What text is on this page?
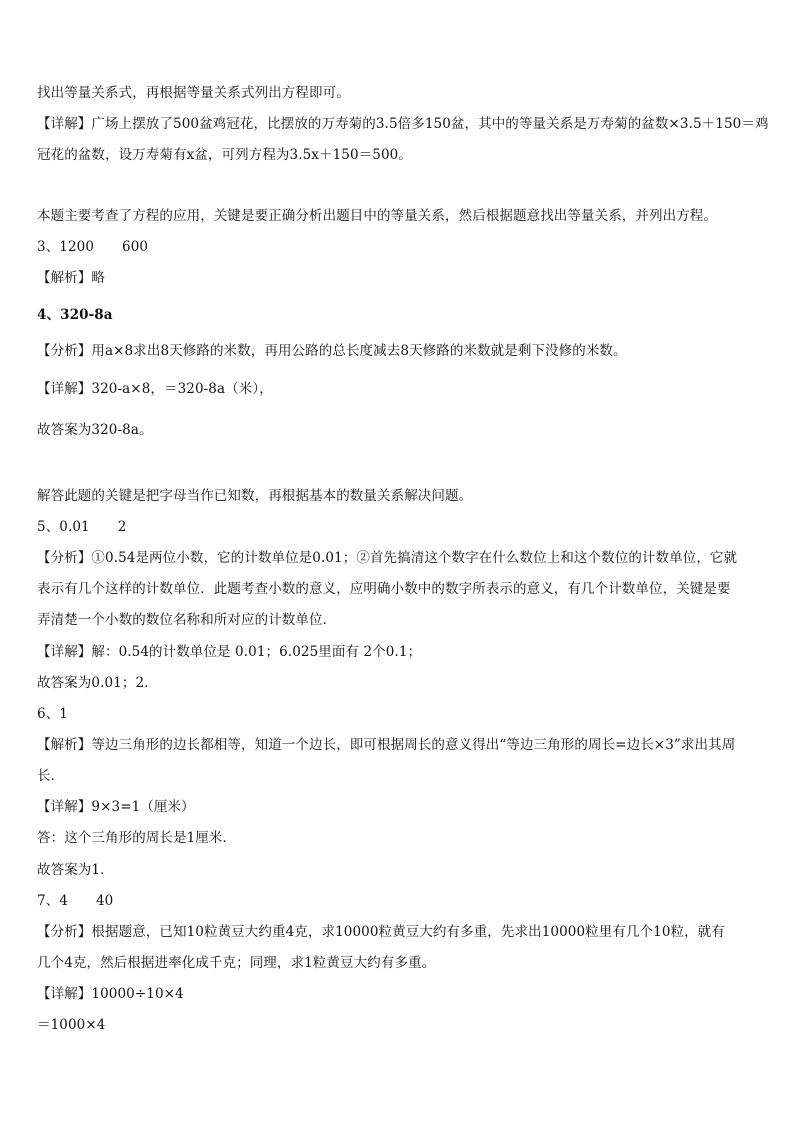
找出等量关系式，再根据等量关系式列出方程即可。
【详解】广场上摆放了500盆鸡冠花，比摆放的万寿菊的3.5倍多150盆，其中的等量关系是万寿菊的盆数×3.5＋150＝鸡
冠花的盆数，设万寿菊有x盆，可列方程为3.5x＋150＝500。
本题主要考查了方程的应用，关键是要正确分析出题目中的等量关系，然后根据题意找出等量关系，并列出方程。
3、1200 600
【解析】略
4、320-8a
【分析】用a×8求出8天修路的米数，再用公路的总长度减去8天修路的米数就是剩下没修的米数。
【详解】320-a×8，＝320-8a（米），
故答案为320-8a。
解答此题的关键是把字母当作已知数，再根据基本的数量关系解决问题。
5、0.01 2
【分析】①0.54是两位小数，它的计数单位是0.01；②首先搞清这个数字在什么数位上和这个数位的计数单位，它就
表示有几个这样的计数单位．此题考查小数的意义，应明确小数中的数字所表示的意义，有几个计数单位，关键是要
弄清楚一个小数的数位名称和所对应的计数单位．
【详解】解：0.54的计数单位是 0.01；6.025里面有 2个0.1；
故答案为0.01；2．
6、1
【解析】等边三角形的边长都相等，知道一个边长，即可根据周长的意义得出“等边三角形的周长=边长×3”求出其周
长．
【详解】9×3=1（厘米）
答：这个三角形的周长是1厘米．
故答案为1．
7、4 40
【分析】根据题意，已知10粒黄豆大约重4克，求10000粒黄豆大约有多重，先求出10000粒里有几个10粒，就有
几个4克，然后根据进率化成千克；同理，求1粒黄豆大约有多重。
【详解】10000÷10×4
＝1000×4
